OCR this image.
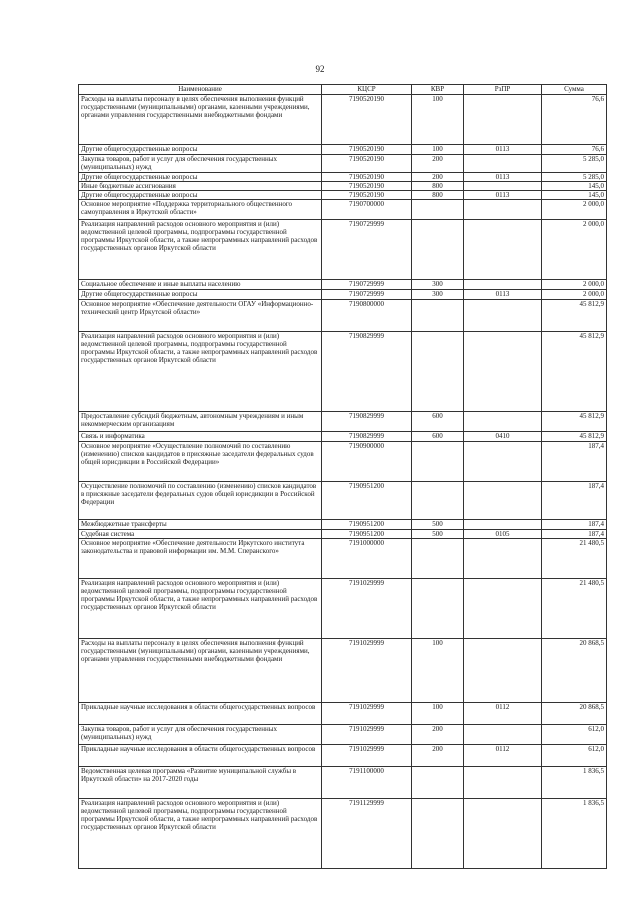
92
Наименование	КЦСР	КВР	РзПР	Сумма
Расходы на выплаты персоналу в целях обеспечения выполнения функций государственными (муниципальными) органами, казенными учреждениями, органами управления государственными внебюджетными фондами	7190520190	100		76,6
Другие общегосударственные вопросы	7190520190	100	0113	76,6
Закупка товаров, работ и услуг для обеспечения государственных (муниципальных) нужд	7190520190	200		5 285,0
Другие общегосударственные вопросы	7190520190	200	0113	5 285,0
Иные бюджетные ассигнования	7190520190	800		145,0
Другие общегосударственные вопросы	7190520190	800	0113	145,0
Основное мероприятие «Поддержка территориального общественного самоуправления в Иркутской области»	7190700000			2 000,0
Реализация направлений расходов основного мероприятия и (или) ведомственной целевой программы, подпрограммы государственной программы Иркутской области, а также непрограммных направлений расходов государственных органов Иркутской области	7190729999			2 000,0
Социальное обеспечение и иные выплаты населению	7190729999	300		2 000,0
Другие общегосударственные вопросы	7190729999	300	0113	2 000,0
Основное мероприятие «Обеспечение деятельности ОГАУ «Информационно-технический центр Иркутской области»	7190800000			45 812,9
Реализация направлений расходов основного мероприятия и (или) ведомственной целевой программы, подпрограммы государственной программы Иркутской области, а также непрограммных направлений расходов государственных органов Иркутской области	7190829999			45 812,9
Предоставление субсидий бюджетным, автономным учреждениям и иным некоммерческим организациям	7190829999	600		45 812,9
Связь и информатика	7190829999	600	0410	45 812,9
Основное мероприятие «Осуществление полномочий по составлению (изменению) списков кандидатов в присяжные заседатели федеральных судов общей юрисдикции в Российской Федерации»	7190900000			187,4
Осуществление полномочий по составлению (изменению) списков кандидатов в присяжные заседатели федеральных судов общей юрисдикции в Российской Федерации	7190951200			187,4
Межбюджетные трансферты	7190951200	500		187,4
Судебная система	7190951200	500	0105	187,4
Основное мероприятие «Обеспечение деятельности Иркутского института законодательства и правовой информации им. М.М. Сперанского»	7191000000			21 480,5
Реализация направлений расходов основного мероприятия и (или) ведомственной целевой программы, подпрограммы государственной программы Иркутской области, а также непрограммных направлений расходов государственных органов Иркутской области	7191029999			21 480,5
Расходы на выплаты персоналу в целях обеспечения выполнения функций государственными (муниципальными) органами, казенными учреждениями, органами управления государственными внебюджетными фондами	7191029999	100		20 868,5
Прикладные научные исследования в области общегосударственных вопросов	7191029999	100	0112	20 868,5
Закупка товаров, работ и услуг для обеспечения государственных (муниципальных) нужд	7191029999	200		612,0
Прикладные научные исследования в области общегосударственных вопросов	7191029999	200	0112	612,0
Ведомственная целевая программа «Развитие муниципальной службы в Иркутской области» на 2017-2020 годы	7191100000			1 836,5
Реализация направлений расходов основного мероприятия и (или) ведомственной целевой программы, подпрограммы государственной программы Иркутской области, а также непрограммных направлений расходов государственных органов Иркутской области	7191129999			1 836,5
